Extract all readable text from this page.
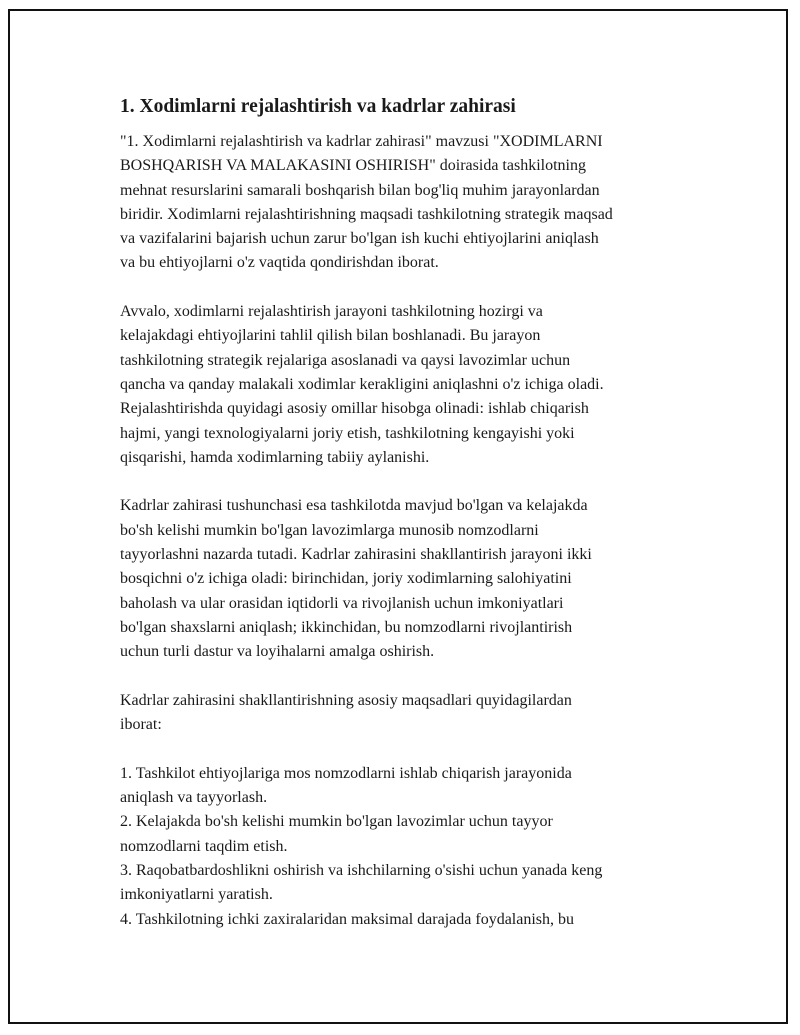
1. Xodimlarni rejalashtirish va kadrlar zahirasi
"1. Xodimlarni rejalashtirish va kadrlar zahirasi" mavzusi "XODIMLARNI
BOSHQARISH VA MALAKASINI OSHIRISH" doirasida tashkilotning
mehnat resurslarini samarali boshqarish bilan bog'liq muhim jarayonlardan
biridir. Xodimlarni rejalashtirishning maqsadi tashkilotning strategik maqsad
va vazifalarini bajarish uchun zarur bo'lgan ish kuchi ehtiyojlarini aniqlash
va bu ehtiyojlarni o'z vaqtida qondirishdan iborat.
Avvalo, xodimlarni rejalashtirish jarayoni tashkilotning hozirgi va
kelajakdagi ehtiyojlarini tahlil qilish bilan boshlanadi. Bu jarayon
tashkilotning strategik rejalariga asoslanadi va qaysi lavozimlar uchun
qancha va qanday malakali xodimlar kerakligini aniqlashni o'z ichiga oladi.
Rejalashtirishda quyidagi asosiy omillar hisobga olinadi: ishlab chiqarish
hajmi, yangi texnologiyalarni joriy etish, tashkilotning kengayishi yoki
qisqarishi, hamda xodimlarning tabiiy aylanishi.
Kadrlar zahirasi tushunchasi esa tashkilotda mavjud bo'lgan va kelajakda
bo'sh kelishi mumkin bo'lgan lavozimlarga munosib nomzodlarni
tayyorlashni nazarda tutadi. Kadrlar zahirasini shakllantirish jarayoni ikki
bosqichni o'z ichiga oladi: birinchidan, joriy xodimlarning salohiyatini
baholash va ular orasidan iqtidorli va rivojlanish uchun imkoniyatlari
bo'lgan shaxslarni aniqlash; ikkinchidan, bu nomzodlarni rivojlantirish
uchun turli dastur va loyihalarni amalga oshirish.
Kadrlar zahirasini shakllantirishning asosiy maqsadlari quyidagilardan
iborat:
1. Tashkilot ehtiyojlariga mos nomzodlarni ishlab chiqarish jarayonida
aniqlash va tayyorlash.
2. Kelajakda bo'sh kelishi mumkin bo'lgan lavozimlar uchun tayyor
nomzodlarni taqdim etish.
3. Raqobatbardoshlikni oshirish va ishchilarning o'sishi uchun yanada keng
imkoniyatlarni yaratish.
4. Tashkilotning ichki zaxiralaridan maksimal darajada foydalanish, bu
